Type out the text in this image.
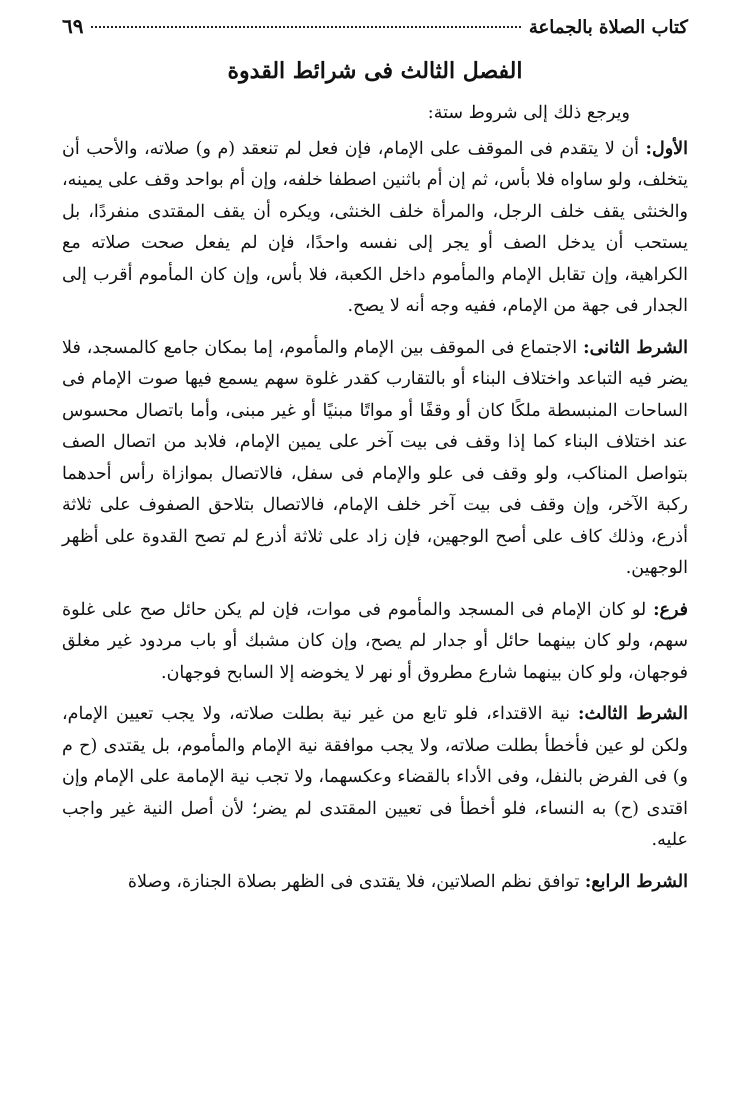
كتاب الصلاة بالجماعة
٦٩
الفصل الثالث فى شرائط القدوة

ويرجع ذلك إلى شروط ستة:

الأول: أن لا يتقدم فى الموقف على الإمام، فإن فعل لم تنعقد (م و) صلاته، والأحب أن يتخلف، ولو ساواه فلا بأس، ثم إن أم باثنين اصطفا خلفه، وإن أم بواحد وقف على يمينه، والخنثى يقف خلف الرجل، والمرأة خلف الخنثى، ويكره أن يقف المقتدى منفردًا، بل يستحب أن يدخل الصف أو يجر إلى نفسه واحدًا، فإن لم يفعل صحت صلاته مع الكراهية، وإن تقابل الإمام والمأموم داخل الكعبة، فلا بأس، وإن كان المأموم أقرب إلى الجدار فى جهة من الإمام، ففيه وجه أنه لا يصح.

الشرط الثانى: الاجتماع فى الموقف بين الإمام والمأموم، إما بمكان جامع كالمسجد، فلا يضر فيه التباعد واختلاف البناء أو بالتقارب كقدر غلوة سهم يسمع فيها صوت الإمام فى الساحات المنبسطة ملكًا كان أو وقفًا أو مواتًا مبنيًا أو غير مبنى، وأما باتصال محسوس عند اختلاف البناء كما إذا وقف فى بيت آخر على يمين الإمام، فلابد من اتصال الصف بتواصل المناكب، ولو وقف فى علو والإمام فى سفل، فالاتصال بموازاة رأس أحدهما ركبة الآخر، وإن وقف فى بيت آخر خلف الإمام، فالاتصال بتلاحق الصفوف على ثلاثة أذرع، وذلك كاف على أصح الوجهين، فإن زاد على ثلاثة أذرع لم تصح القدوة على أظهر الوجهين.

فرع: لو كان الإمام فى المسجد والمأموم فى موات، فإن لم يكن حائل صح على غلوة سهم، ولو كان بينهما حائل أو جدار لم يصح، وإن كان مشبك أو باب مردود غير مغلق فوجهان، ولو كان بينهما شارع مطروق أو نهر لا يخوضه إلا السابح فوجهان.

الشرط الثالث: نية الاقتداء، فلو تابع من غير نية بطلت صلاته، ولا يجب تعيين الإمام، ولكن لو عين فأخطأ بطلت صلاته، ولا يجب موافقة نية الإمام والمأموم، بل يقتدى (ح م و) فى الفرض بالنفل، وفى الأداء بالقضاء وعكسهما، ولا تجب نية الإمامة على الإمام وإن اقتدى (ح) به النساء، فلو أخطأ فى تعيين المقتدى لم يضر؛ لأن أصل النية غير واجب عليه.

الشرط الرابع: توافق نظم الصلاتين، فلا يقتدى فى الظهر بصلاة الجنازة، وصلاة
